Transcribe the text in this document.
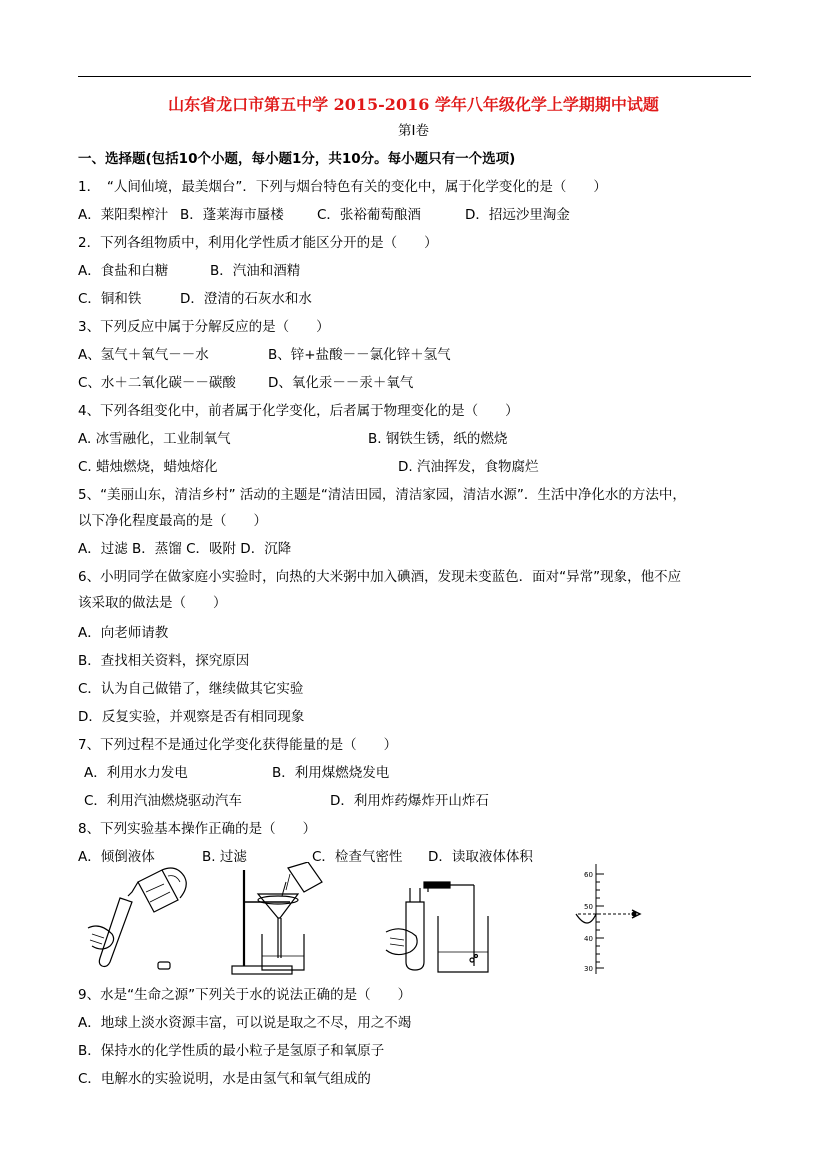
山东省龙口市第五中学 2015-2016 学年八年级化学上学期期中试题
第Ⅰ卷
一、选择题(包括10个小题，每小题1分，共10分。每小题只有一个选项)
1．　“人间仙境，最美烟台”．下列与烟台特色有关的变化中，属于化学变化的是（　　）
A．莱阳梨榨汁 B．蓬莱海市蜃楼 C．张裕葡萄酿酒	D．招远沙里淘金
2．下列各组物质中，利用化学性质才能区分开的是（　　）
A．食盐和白糖	B．汽油和酒精
C．铜和铁	D．澄清的石灰水和水
3、下列反应中属于分解反应的是（　　）
A、氢气＋氧气－－水	B、锌+盐酸－－氯化锌＋氢气
C、水＋二氧化碳－－碳酸 D、氧化汞－－汞＋氧气
4、下列各组变化中，前者属于化学变化，后者属于物理变化的是（　　）
A. 冰雪融化，工业制氧气	B. 钢铁生锈，纸的燃烧
C. 蜡烛燃烧，蜡烛熔化	D. 汽油挥发，食物腐烂
5、“美丽山东，清洁乡村” 活动的主题是“清洁田园，清洁家园，清洁水源”．生活中净化水的方法中，
以下净化程度最高的是（　　）
A．过滤 B．蒸馏 C．吸附 D．沉降
6、小明同学在做家庭小实验时，向热的大米粥中加入碘酒，发现未变蓝色．面对“异常”现象，他不应
该采取的做法是（　　）
A．向老师请教
B．查找相关资料，探究原因
C．认为自己做错了，继续做其它实验
D．反复实验，并观察是否有相同现象
7、下列过程不是通过化学变化获得能量的是（　　）
A．利用水力发电	B．利用煤燃烧发电
C．利用汽油燃烧驱动汽车	D．利用炸药爆炸开山炸石
8、下列实验基本操作正确的是（　　）
A．倾倒液体	B. 过滤	C．检查气密性 D．读取液体体积
60
50
40
30
9、水是“生命之源”下列关于水的说法正确的是（　　）
A．地球上淡水资源丰富，可以说是取之不尽，用之不竭
B．保持水的化学性质的最小粒子是氢原子和氧原子
C．电解水的实验说明，水是由氢气和氧气组成的
